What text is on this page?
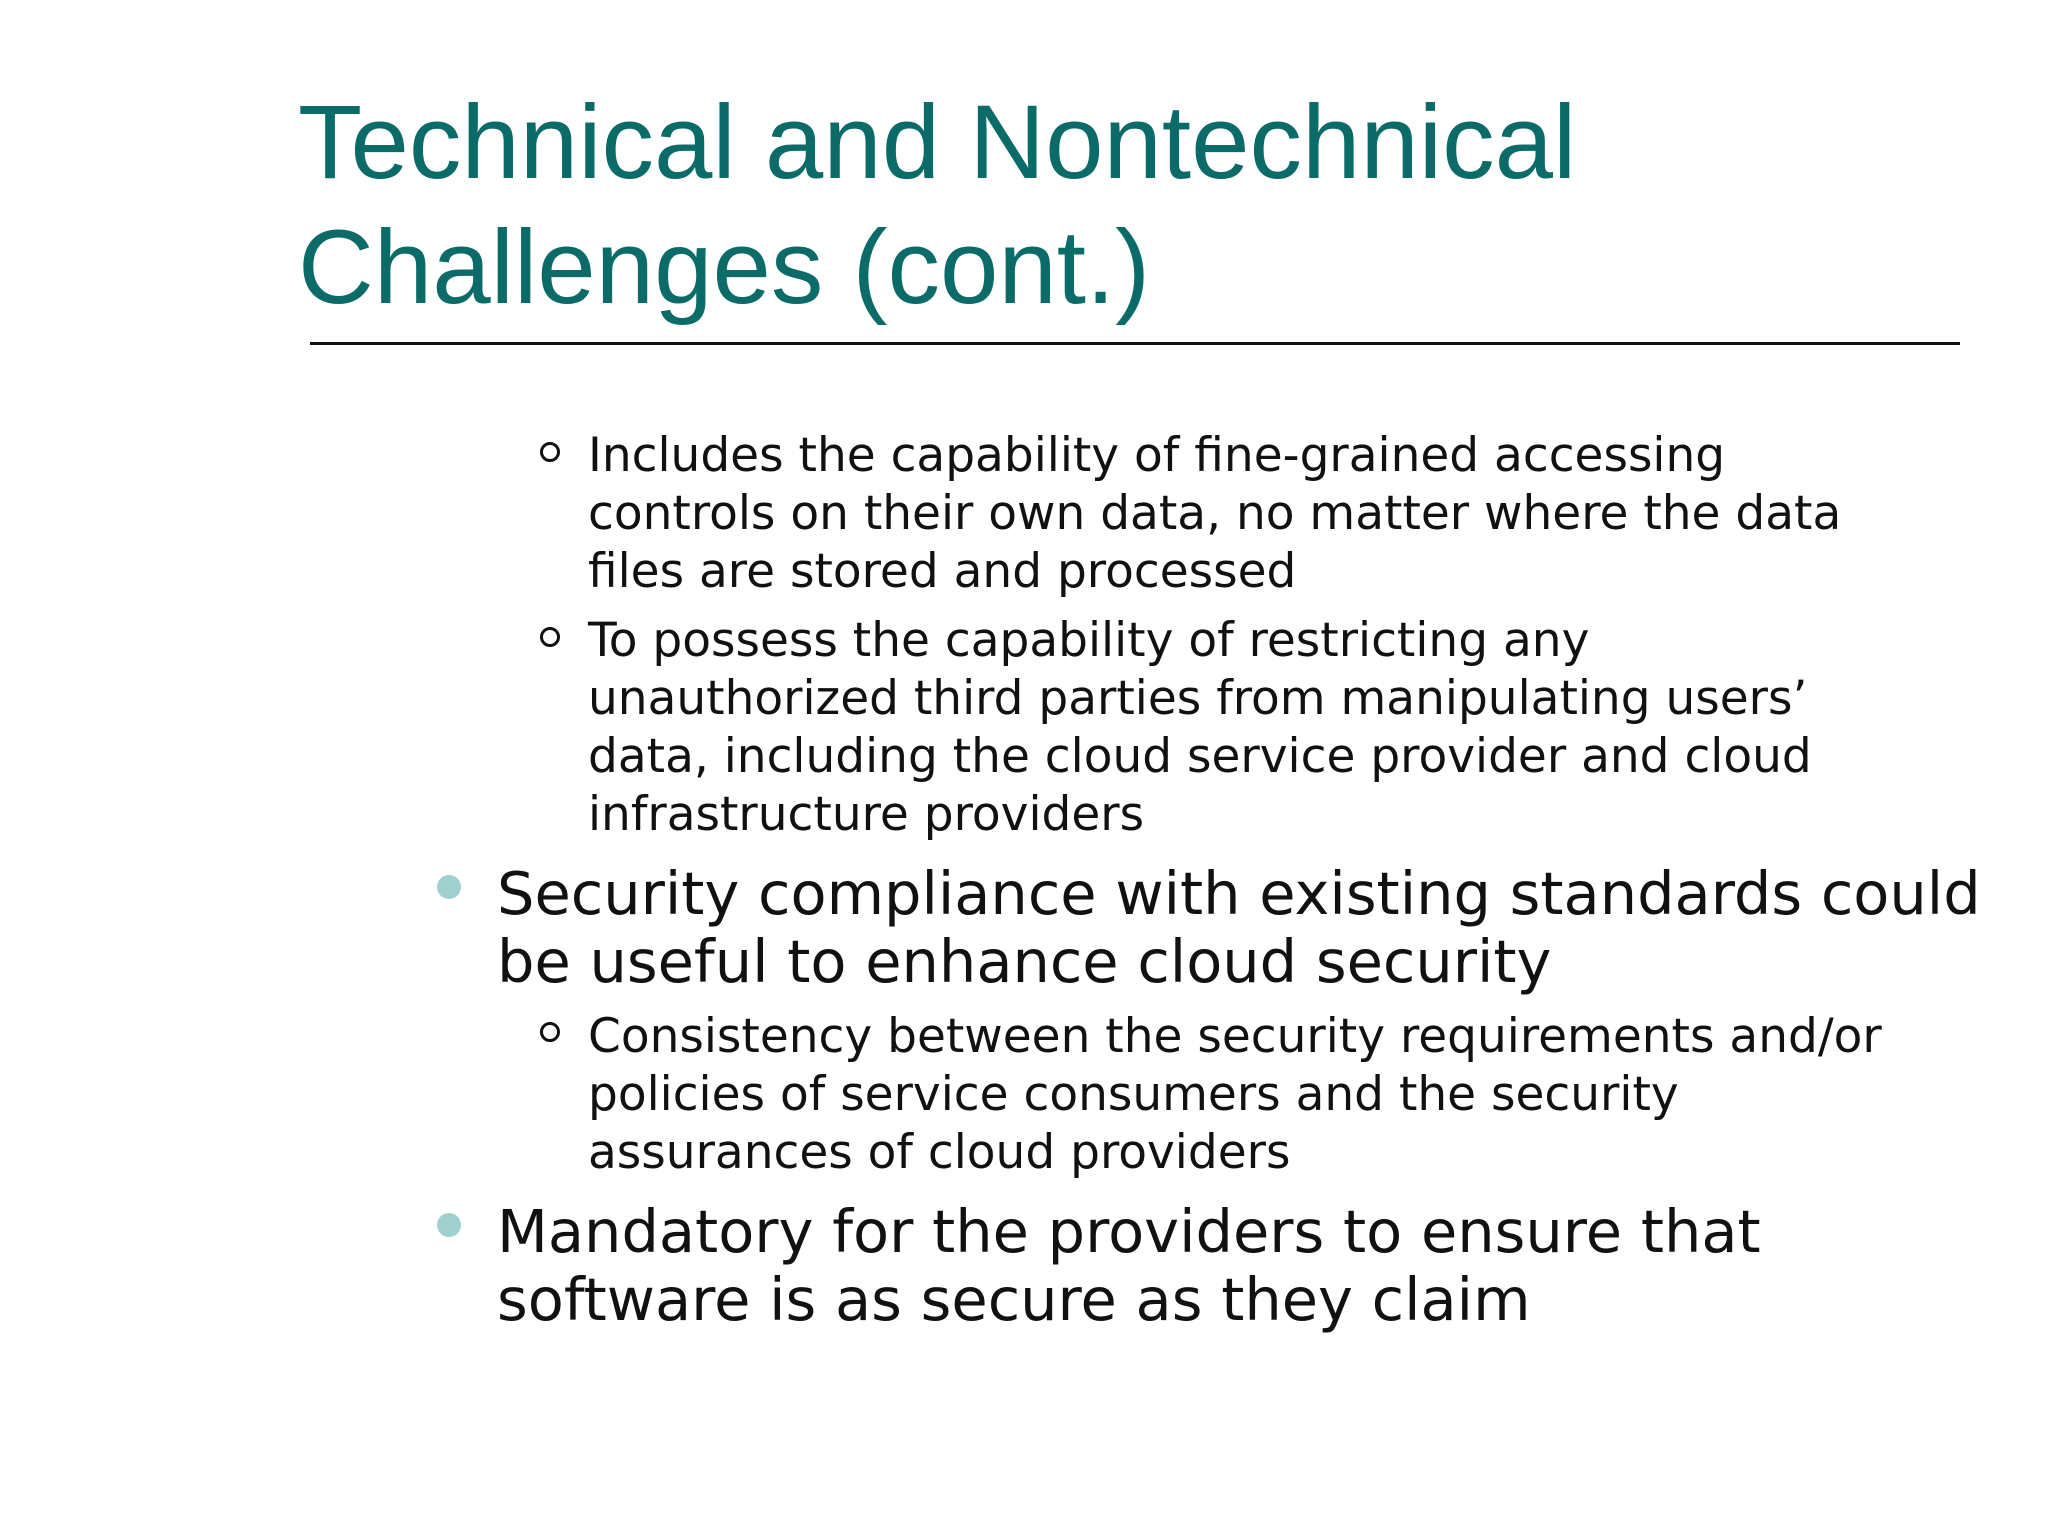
Technical and Nontechnical
Challenges (cont.)
Includes the capability of fine-grained accessing
controls on their own data, no matter where the data
files are stored and processed
To possess the capability of restricting any
unauthorized third parties from manipulating users’
data, including the cloud service provider and cloud
infrastructure providers
Security compliance with existing standards could
be useful to enhance cloud security
Consistency between the security requirements and/or
policies of service consumers and the security
assurances of cloud providers
Mandatory for the providers to ensure that
software is as secure as they claim
